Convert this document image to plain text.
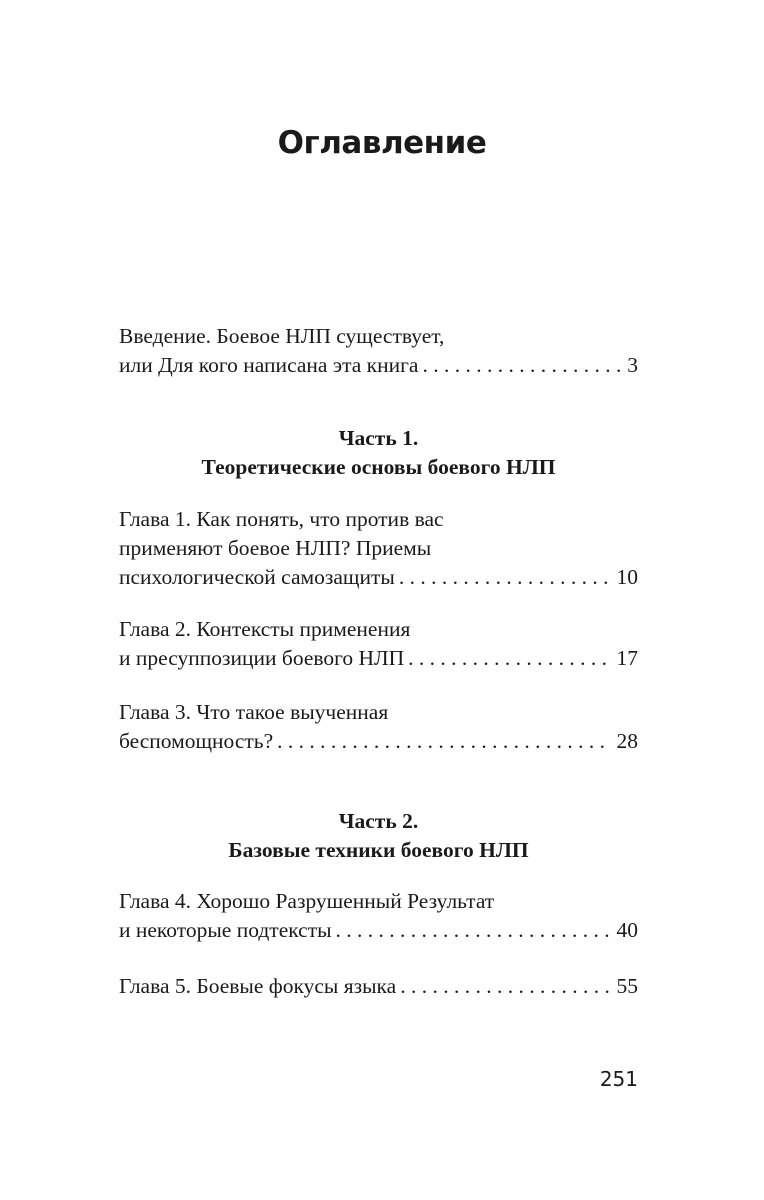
Оглавление
Введение. Боевое НЛП существует,
или Для кого написана эта книга . . .	3
Часть 1.
Теоретические основы боевого НЛП
Глава 1. Как понять, что против вас
применяют боевое НЛП? Приемы
психологической самозащиты . . .	10
Глава 2. Контексты применения
и пресуппозиции боевого НЛП . . .	17
Глава 3. Что такое выученная
беспомощность? . . .	28
Часть 2.
Базовые техники боевого НЛП
Глава 4. Хорошо Разрушенный Результат
и некоторые подтексты . . .	40
Глава 5. Боевые фокусы языка . . .	55
251
